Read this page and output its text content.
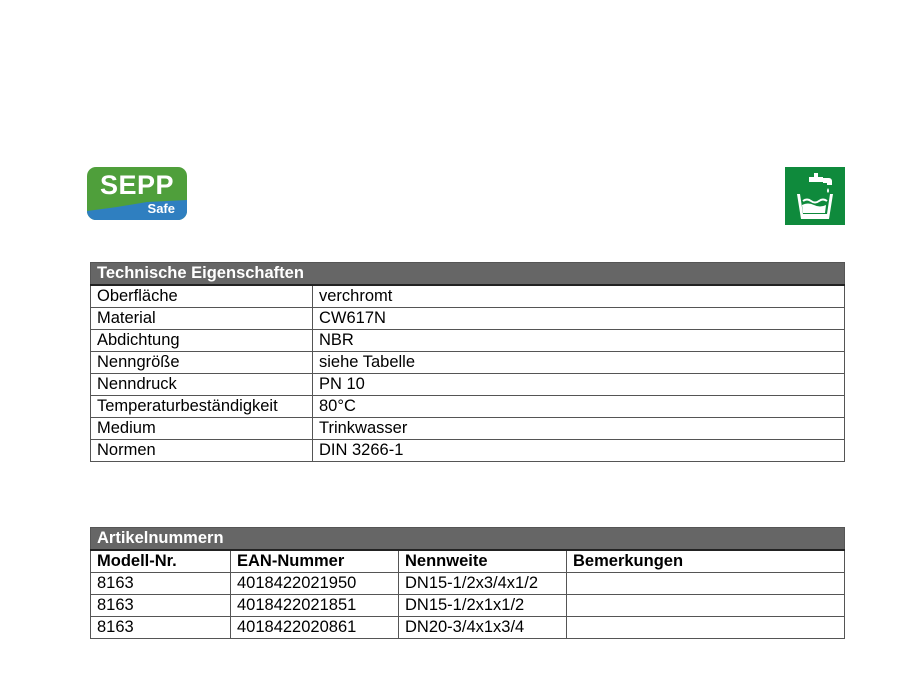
SEPP
Safe
Technische Eigenschaften	
Oberfläche	verchromt
Material	CW617N
Abdichtung	NBR
Nenngröße	siehe Tabelle
Nenndruck	PN 10
Temperaturbeständigkeit	80°C
Medium	Trinkwasser
Normen	DIN 3266-1
Artikelnummern			
Modell-Nr.	EAN-Nummer	Nennweite	Bemerkungen
8163	4018422021950	DN15-1/2x3/4x1/2	
8163	4018422021851	DN15-1/2x1x1/2	
8163	4018422020861	DN20-3/4x1x3/4	
